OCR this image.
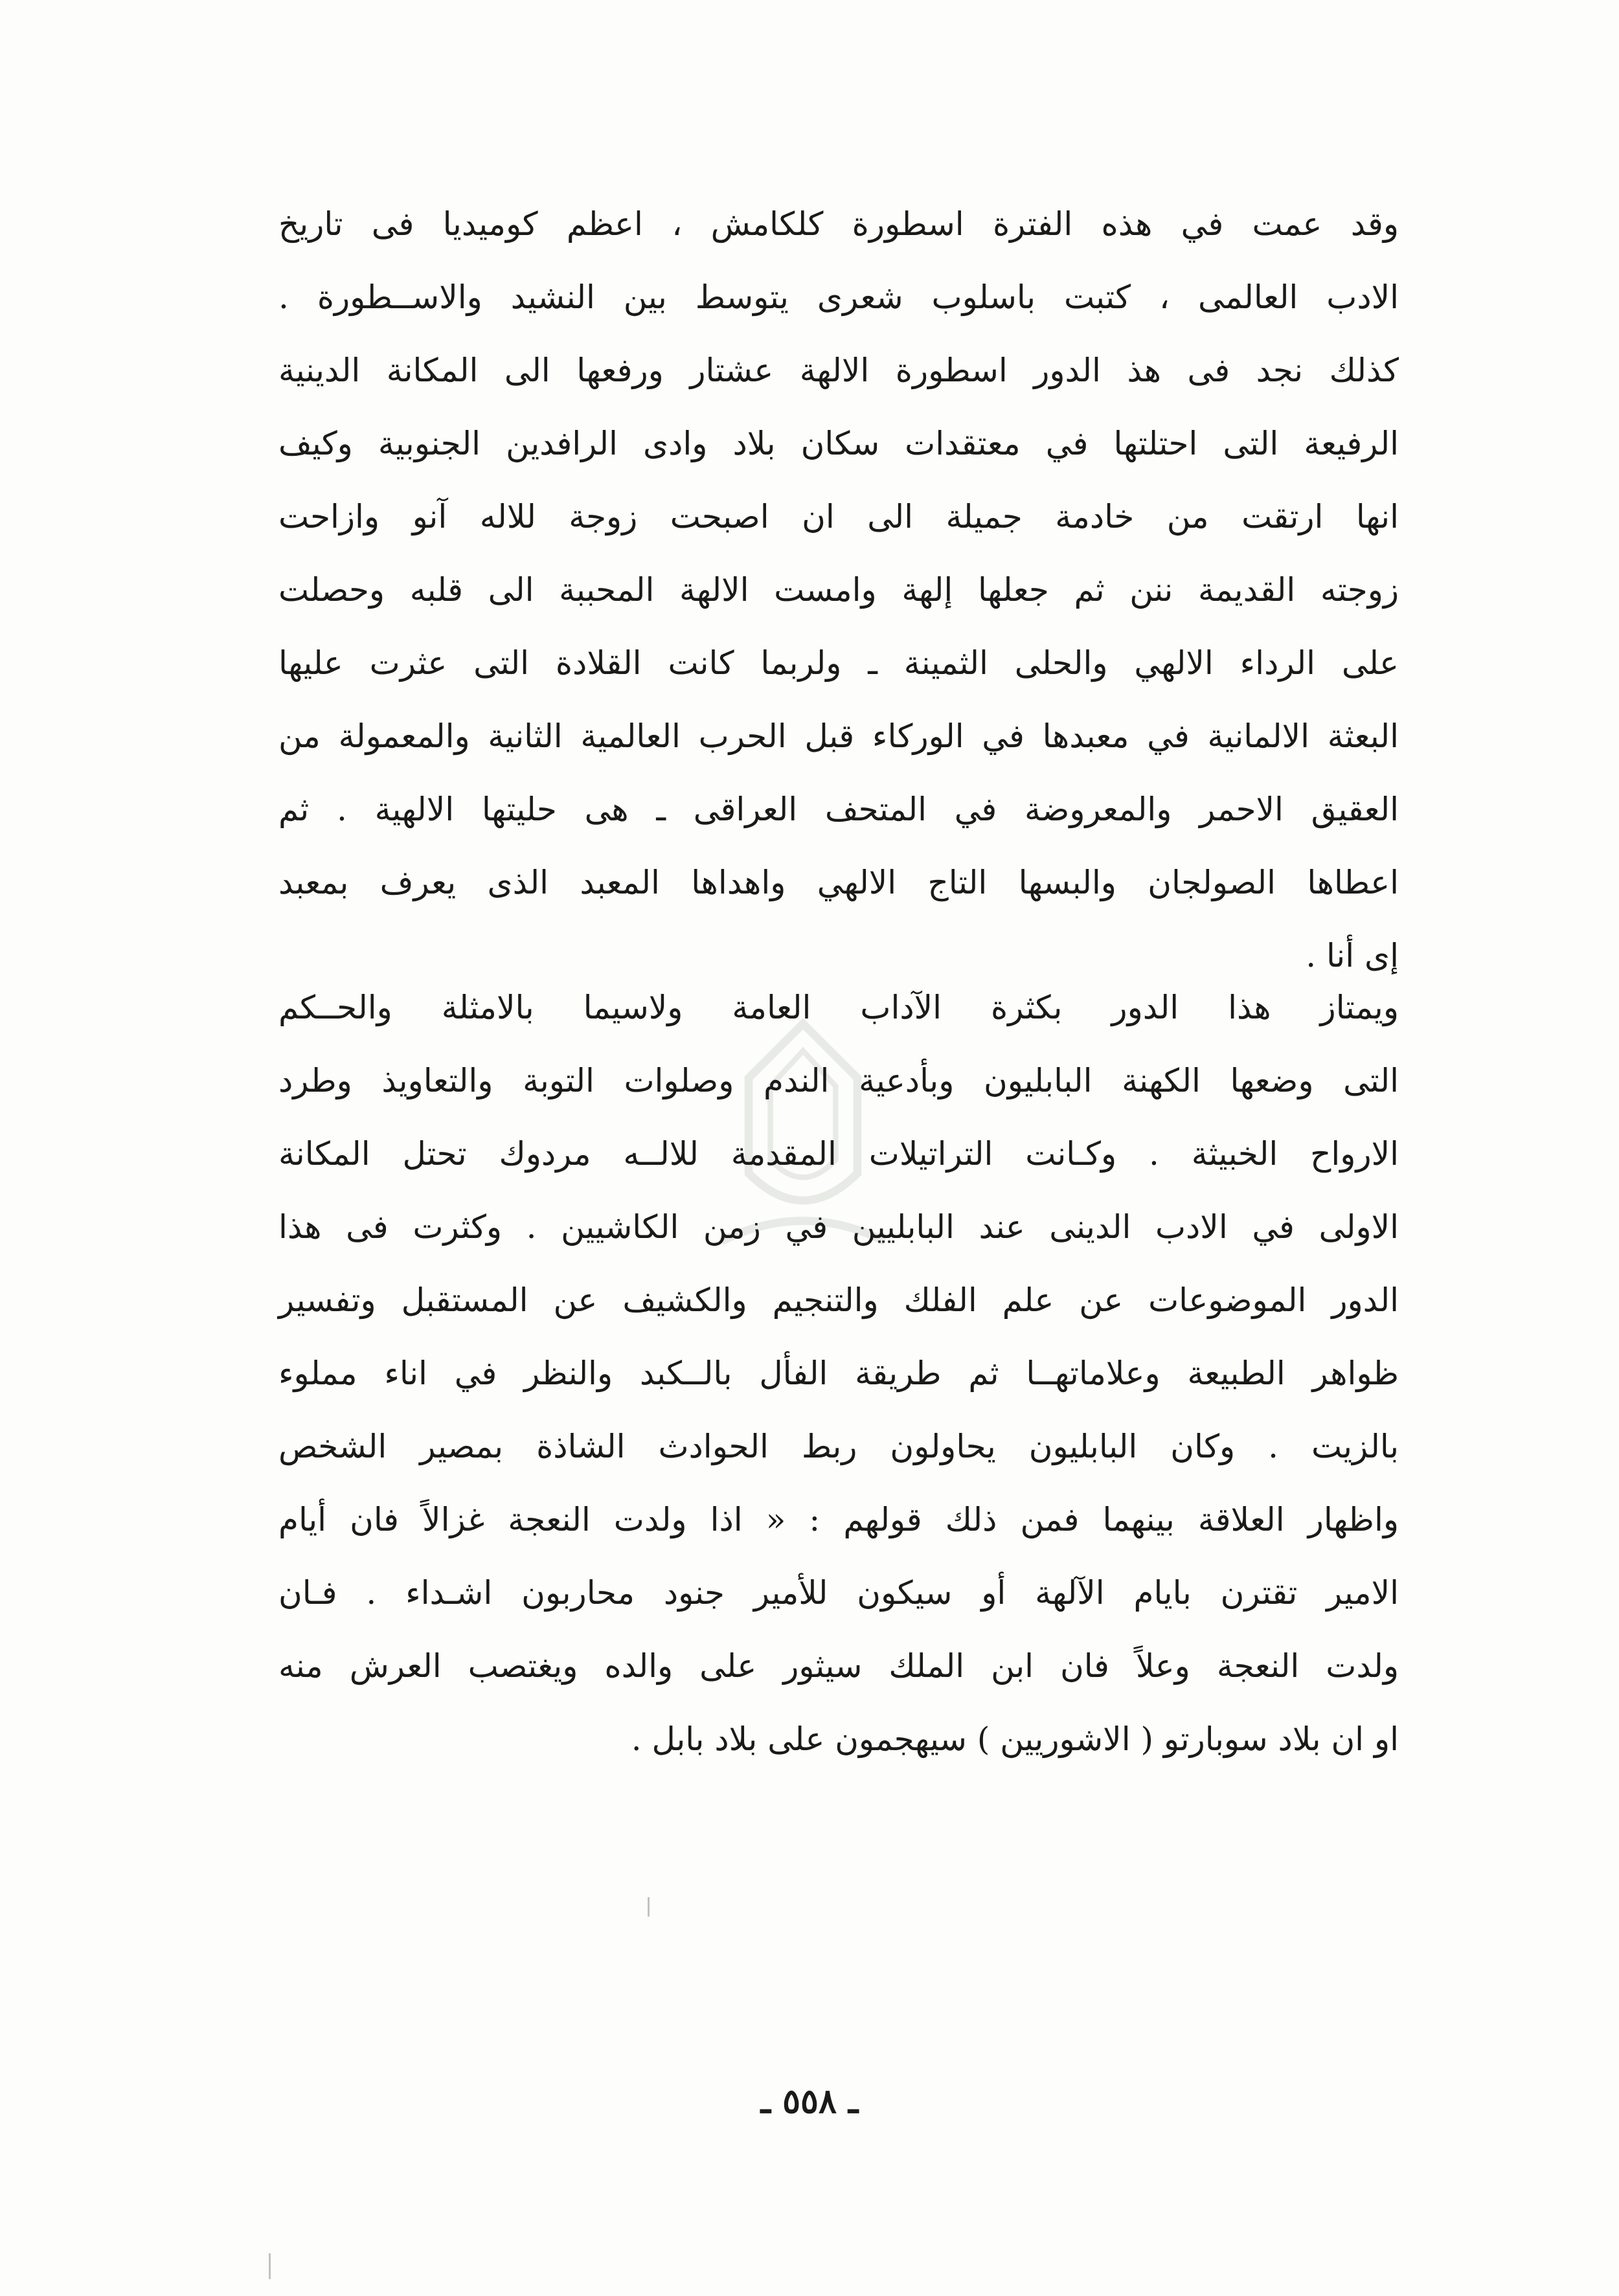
وقد عمت في هذه الفترة اسطورة كلكامش ، اعظم كوميديا فى تاريخ
الادب العالمى ، كتبت باسلوب شعرى يتوسط بين النشيد والاســطورة .
كذلك نجد فى هذ الدور اسطورة الالهة عشتار ورفعها الى المكانة الدينية
الرفيعة التى احتلتها في معتقدات سكان بلاد وادى الرافدين الجنوبية وكيف
انها ارتقت من خادمة جميلة الى ان اصبحت زوجة للاله آنو وازاحت
زوجته القديمة ننن ثم جعلها إلهة وامست الالهة المحببة الى قلبه وحصلت
على الرداء الالهي والحلى الثمينة ـ ولربما كانت القلادة التى عثرت عليها
البعثة الالمانية في معبدها في الوركاء قبل الحرب العالمية الثانية والمعمولة من
العقيق الاحمر والمعروضة في المتحف العراقى ـ هى حليتها الالهية . ثم
اعطاها الصولجان والبسها التاج الالهي واهداها المعبد الذى يعرف بمعبد
إى أنا .
ويمتاز هذا الدور بكثرة الآداب العامة ولاسيما بالامثلة والحــكم
التى وضعها الكهنة البابليون وبأدعية الندم وصلوات التوبة والتعاويذ وطرد
الارواح الخبيثة . وكـانت التراتيلات المقدمة للالــه مردوك تحتل المكانة
الاولى في الادب الدينى عند البابليين في زمن الكاشيين . وكثرت فى هذا
الدور الموضوعات عن علم الفلك والتنجيم والكشيف عن المستقبل وتفسير
ظواهر الطبيعة وعلاماتهــا ثم طريقة الفأل بالــكبد والنظر في اناء مملوء
بالزيت . وكان البابليون يحاولون ربط الحوادث الشاذة بمصير الشخص
واظهار العلاقة بينهما فمن ذلك قولهم : « اذا ولدت النعجة غزالاً فان أيام
الامير تقترن بايام الآلهة أو سيكون للأمير جنود محاربون اشـداء . فـان
ولدت النعجة وعلاً فان ابن الملك سيثور على والده ويغتصب العرش منه
او ان بلاد سوبارتو ( الاشوريين ) سيهجمون على بلاد بابل .
ـ ٥٥٨ ـ
